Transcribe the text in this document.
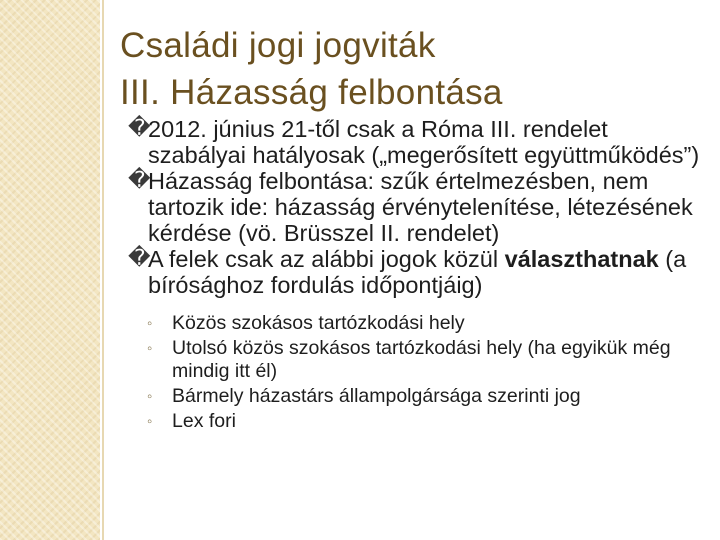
Családi jogi jogviták
III. Házasság felbontása

�
2012. június 21-től csak a Róma III. rendelet szabályai hatályosak („megerősített együttműködés”)

�
Házasság felbontása: szűk értelmezésben, nem tartozik ide: házasság érvénytelenítése, létezésének kérdése (vö. Brüsszel II. rendelet)

�
A felek csak az alábbi jogok közül választhatnak (a bírósághoz fordulás időpontjáig)

◦ Közös szokásos tartózkodási hely
◦ Utolsó közös szokásos tartózkodási hely (ha egyikük még mindig itt él)
◦ Bármely házastárs állampolgársága szerinti jog
◦ Lex fori
